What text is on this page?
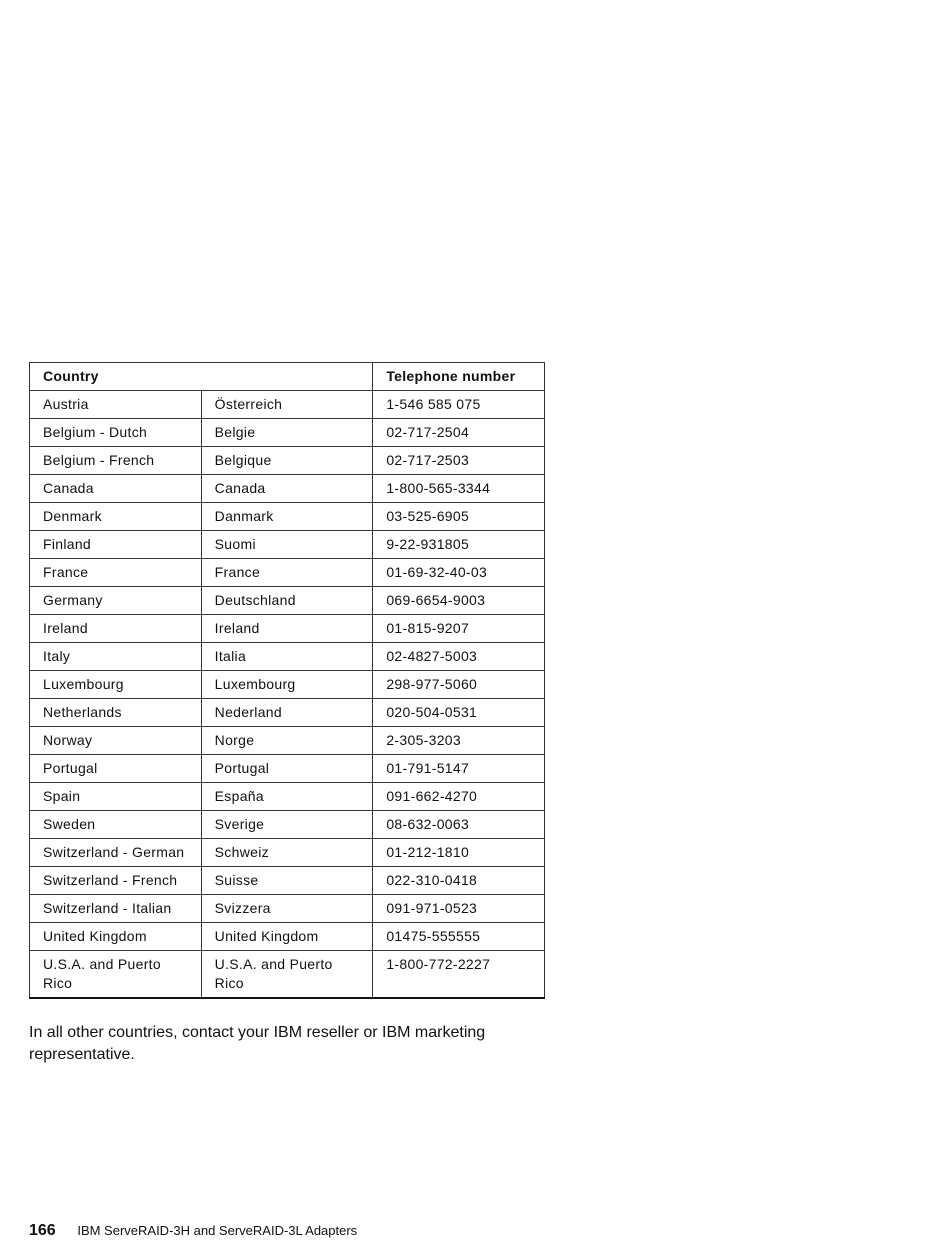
Country		Telephone number
Austria	Österreich	1-546 585 075
Belgium - Dutch	Belgie	02-717-2504
Belgium - French	Belgique	02-717-2503
Canada	Canada	1-800-565-3344
Denmark	Danmark	03-525-6905
Finland	Suomi	9-22-931805
France	France	01-69-32-40-03
Germany	Deutschland	069-6654-9003
Ireland	Ireland	01-815-9207
Italy	Italia	02-4827-5003
Luxembourg	Luxembourg	298-977-5060
Netherlands	Nederland	020-504-0531
Norway	Norge	2-305-3203
Portugal	Portugal	01-791-5147
Spain	España	091-662-4270
Sweden	Sverige	08-632-0063
Switzerland - German	Schweiz	01-212-1810
Switzerland - French	Suisse	022-310-0418
Switzerland - Italian	Svizzera	091-971-0523
United Kingdom	United Kingdom	01475-555555
U.S.A. and Puerto Rico	U.S.A. and Puerto Rico	1-800-772-2227

In all other countries, contact your IBM reseller or IBM marketing representative.

166 IBM ServeRAID-3H and ServeRAID-3L Adapters
